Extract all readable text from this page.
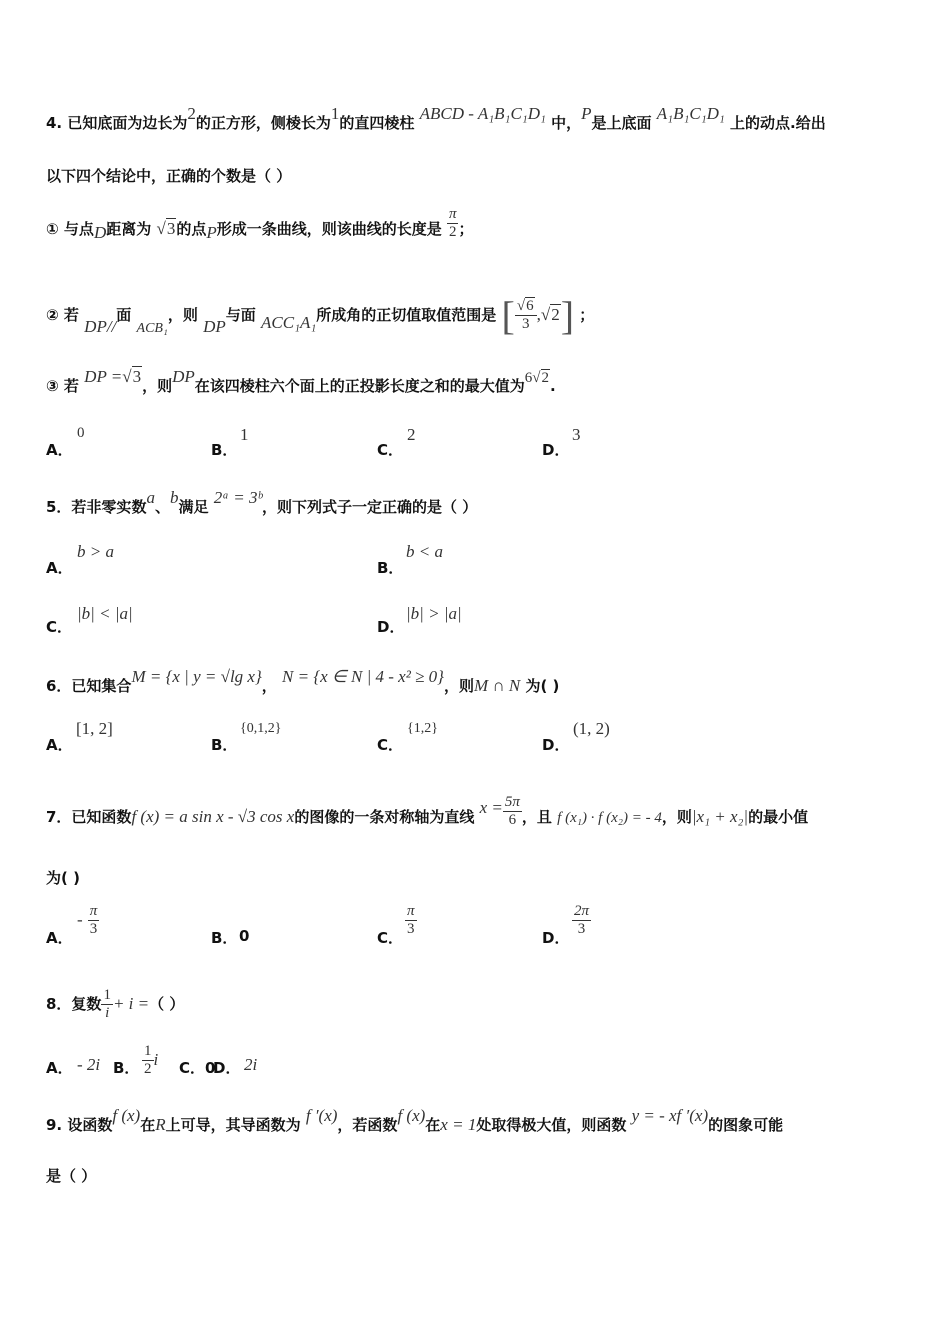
4. 已知底面为边长为2的正方形，侧棱长为1的直四棱柱 ABCD - A₁B₁C₁D₁ 中，P是上底面 A₁B₁C₁D₁ 上的动点.给出
以下四个结论中，正确的个数是（ ）
① 与点D距离为 √3的点P形成一条曲线，则该曲线的长度是 $\frac{\pi}{2}$ ；
② 若 DP//面 ACB₁，则 DP与面 ACC₁A₁所成角的正切值取值范围是 [ $\frac{√6}{3} ,√2$] ；
③ 若 DP =√3，则DP在该四棱柱六个面上的正投影长度之和的最大值为6√2.
A．
0
B．
1
C．
2
D．
3
5．若非零实数a、b满足 2ᵃ = 3ᵇ，则下列式子一定正确的是（ ）
A．
b > a
B．
b < a
C．
|b| < |a|
D．
|b| > |a|
6．已知集合M = {x | y = √lg x}， N = {x ∈ N | 4 - x² ≥ 0}，则M ∩ N 为( )
A．
[1, 2]
B．
{0,1,2}
C．
{1,2}
D．
(1, 2)
7．已知函数f (x) = a sin x - √3 cos x的图像的一条对称轴为直线 $x = \frac{5\pi}{6}$ ，且 f (x₁) · f (x₂) = - 4，则|x₁ + x₂|的最小值
为( )
A．
- $\frac{\pi}{3}$	B． 0	C． $\frac{\pi}{3}$	D． $\frac{2\pi}{3}$
8．复数 $\frac{1}{i} + i$ =（ ）
A． - 2i B． $\frac{1}{2}$ i C．0
D． 2i
9. 设函数f (x)在R上可导，其导函数为 f ′(x)，若函数f (x)在x = 1处取得极大值，则函数 y = - xf ′(x)的图象可能
是（ ）
